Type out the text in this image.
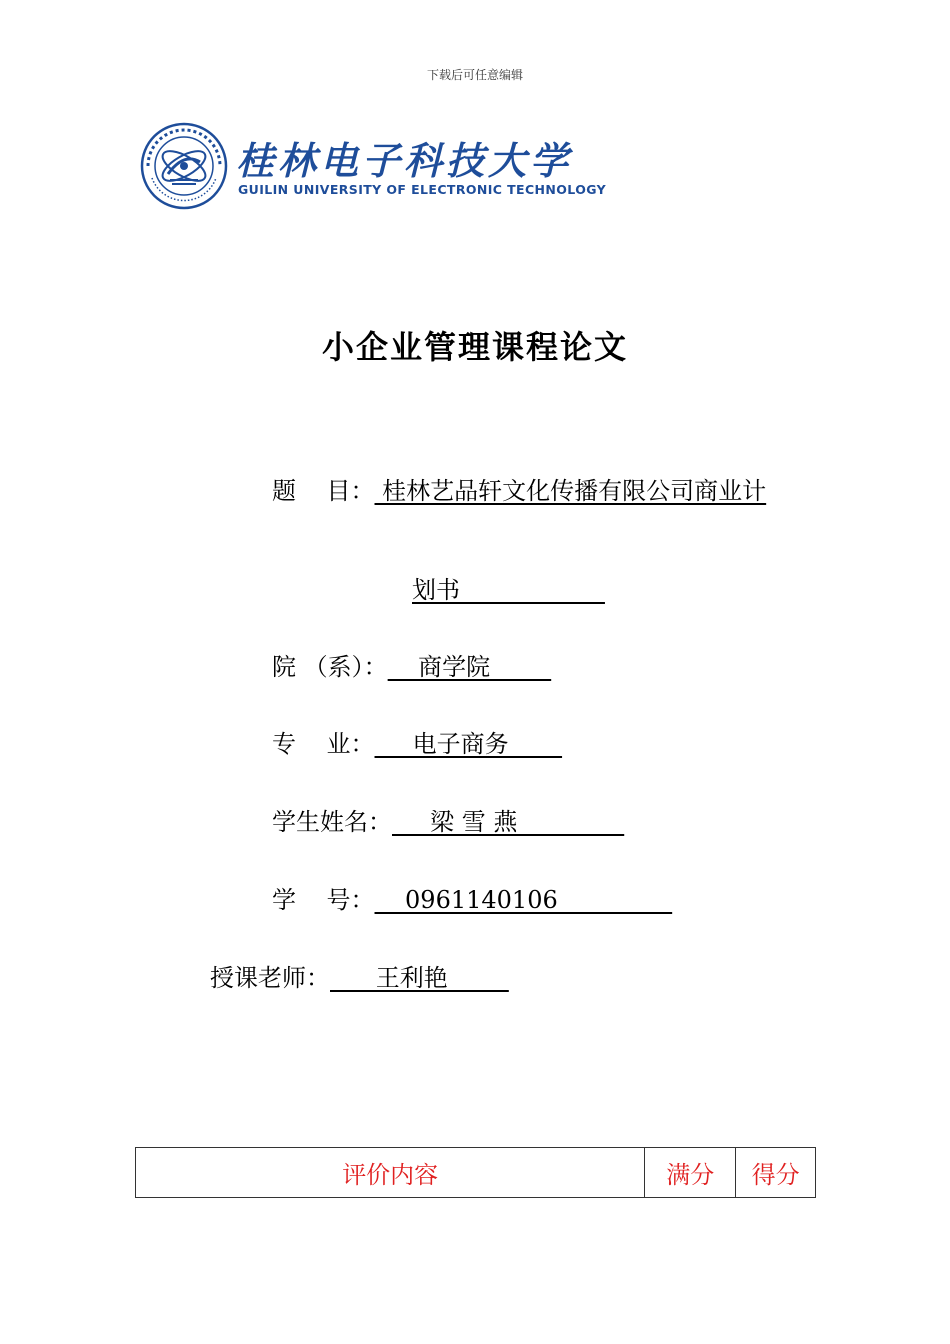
下载后可任意编辑
桂林电子科技大学
GUILIN UNIVERSITY OF ELECTRONIC TECHNOLOGY
小企业管理课程论文
题    目： 桂林艺品轩文化传播有限公司商业计
划书
院 （系）：    商学院
专    业：     电子商务
学生姓名：     梁 雪 燕
学    号：    0961140106
授课老师：      王利艳
评价内容	满分	得分
